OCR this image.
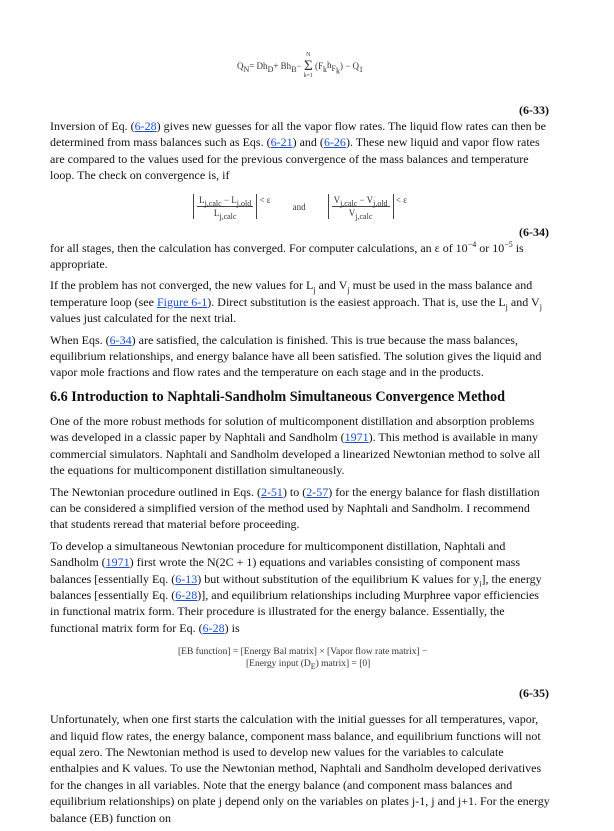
$Q_N = Dh_D + Bh_B$ −
N
Σ
k=1
($F_k$ $h_{F_k}$
) − $Q_1$
(6-33)

Inversion of Eq. (6-28) gives new guesses for all the vapor flow rates. The liquid flow rates can then be determined from mass balances such as Eqs. (6-21) and (6-26). These new liquid and vapor flow rates are compared to the values used for the previous convergence of the mass balances and temperature loop. The check on convergence is, if

$\frac{L_{j,calc} - L_{j,old}}{L_{j,calc}} < \varepsilon$
and	$\frac{V_{j,calc} - V_{j,old}}{V_{j,calc}} < \varepsilon$
(6-34)

for all stages, then the calculation has converged. For computer calculations, an ε of $10^{-4}$ or $10^{-5}$ is appropriate.

If the problem has not converged, the new values for $L_j$ and $V_j$ must be used in the mass balance and temperature loop (see Figure 6-1). Direct substitution is the easiest approach. That is, use the $L_j$ and $V_j$ values just calculated for the next trial.

When Eqs. (6-34) are satisfied, the calculation is finished. This is true because the mass balances, equilibrium relationships, and energy balance have all been satisfied. The solution gives the liquid and vapor mole fractions and flow rates and the temperature on each stage and in the products.

6.6 Introduction to Naphtali-Sandholm Simultaneous Convergence Method

One of the more robust methods for solution of multicomponent distillation and absorption problems was developed in a classic paper by Naphtali and Sandholm (1971). This method is available in many commercial simulators. Naphtali and Sandholm developed a linearized Newtonian method to solve all the equations for multicomponent distillation simultaneously.

The Newtonian procedure outlined in Eqs. (2-51) to (2-57) for the energy balance for flash distillation can be considered a simplified version of the method used by Naphtali and Sandholm. I recommend that students reread that material before proceeding.

To develop a simultaneous Newtonian procedure for multicomponent distillation, Naphtali and Sandholm (1971) first wrote the N(2C + 1) equations and variables consisting of component mass balances [essentially Eq. (6-13) but without substitution of the equilibrium K values for $y_i$], the energy balances [essentially Eq. (6-28)], and equilibrium relationships including Murphree vapor efficiencies in functional matrix form. Their procedure is illustrated for the energy balance. Essentially, the functional matrix form for Eq. (6-28) is

[EB function] = [Energy Bal matrix] × [Vapor flow rate matrix] −
[Energy input $(D_E)$ matrix] = [0]
(6-35)

Unfortunately, when one first starts the calculation with the initial guesses for all temperatures, vapor, and liquid flow rates, the energy balance, component mass balance, and equilibrium functions will not equal zero. The Newtonian method is used to develop new values for the variables to calculate enthalpies and K values. To use the Newtonian method, Naphtali and Sandholm developed derivatives for the changes in all variables. Note that the energy balance (and component mass balances and equilibrium relationships) on plate j depend only on the variables on plates j-1, j and j+1. For the energy balance (EB) function on
